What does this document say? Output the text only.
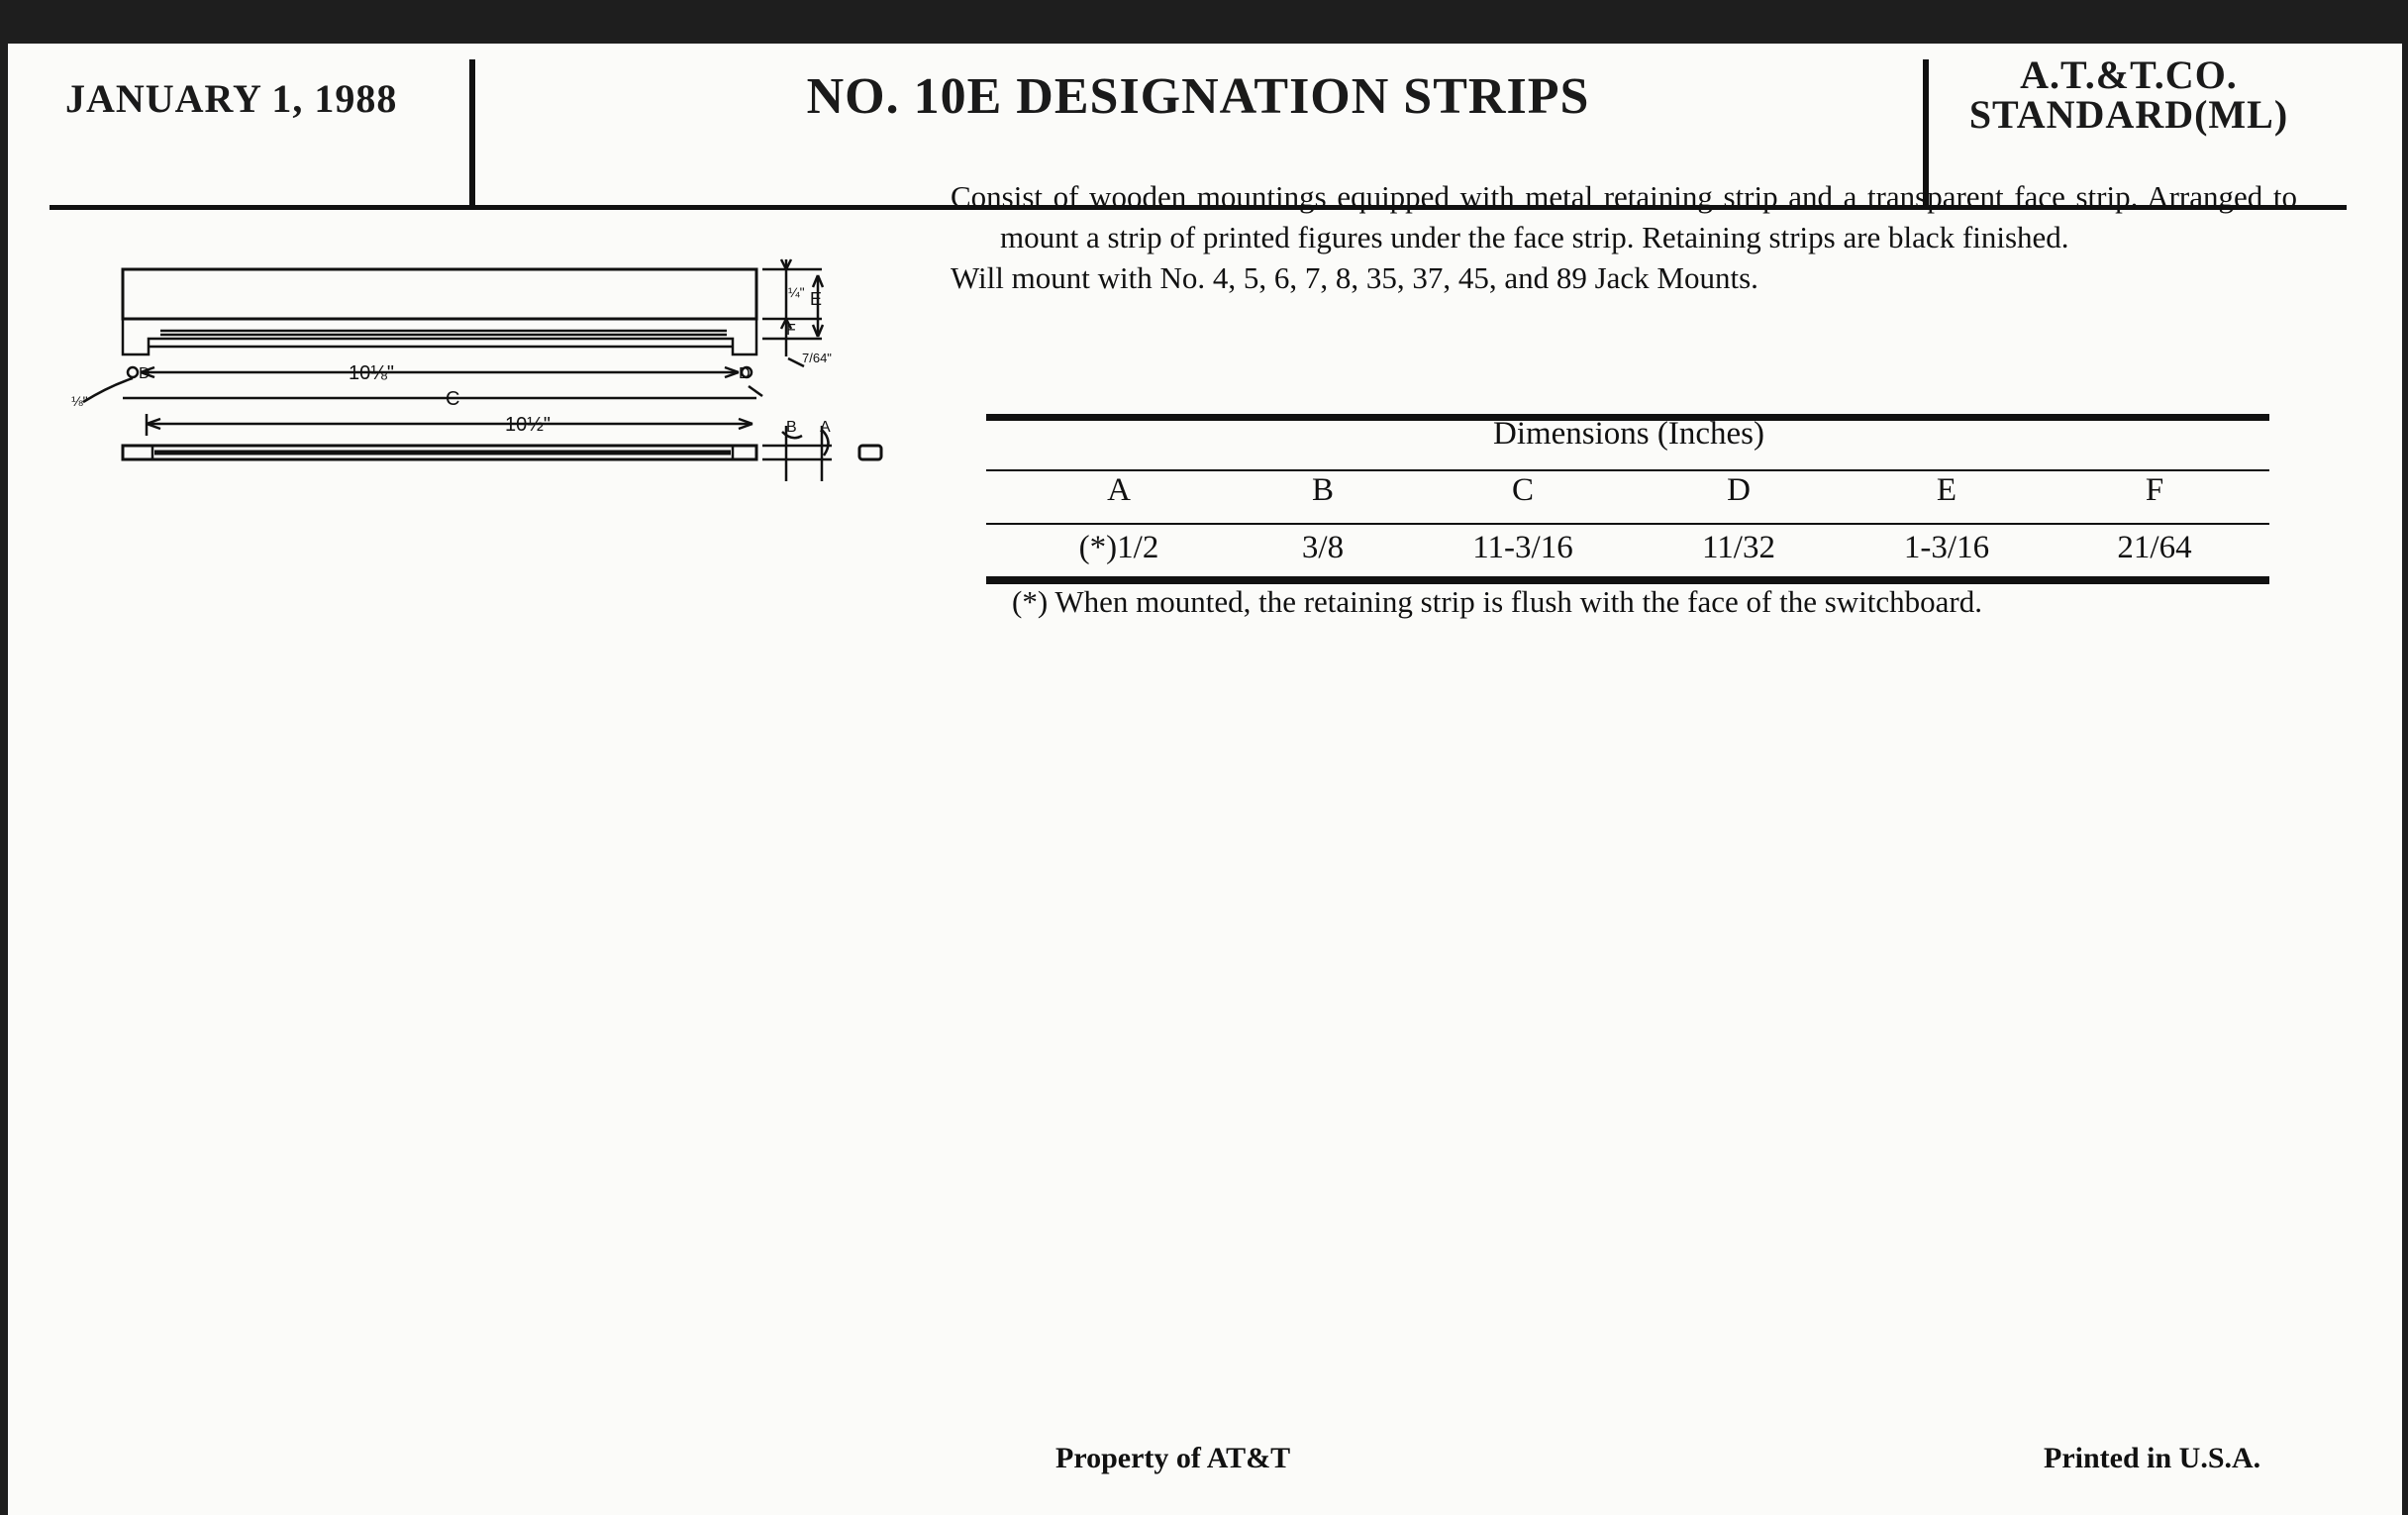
JANUARY 1, 1988	NO. 10E DESIGNATION STRIPS	A.T.&T.CO.
STANDARD(ML)
10⅛"
C
10½"
D	D
E
F
A
B
¼"
⅛"
7/64"

Consist of wooden mountings equipped with metal retaining strip and a transparent face strip. Arranged to mount a strip of printed figures under the face strip. Retaining strips are black finished.

Will mount with No. 4, 5, 6, 7, 8, 35, 37, 45, and 89 Jack Mounts.

Dimensions (Inches)
A	B	C	D	E	F
(*)1/2	3/8	11-3/16	11/32	1-3/16	21/64
(*) When mounted, the retaining strip is flush with the face of the switchboard.
Property of AT&T	Printed in U.S.A.
